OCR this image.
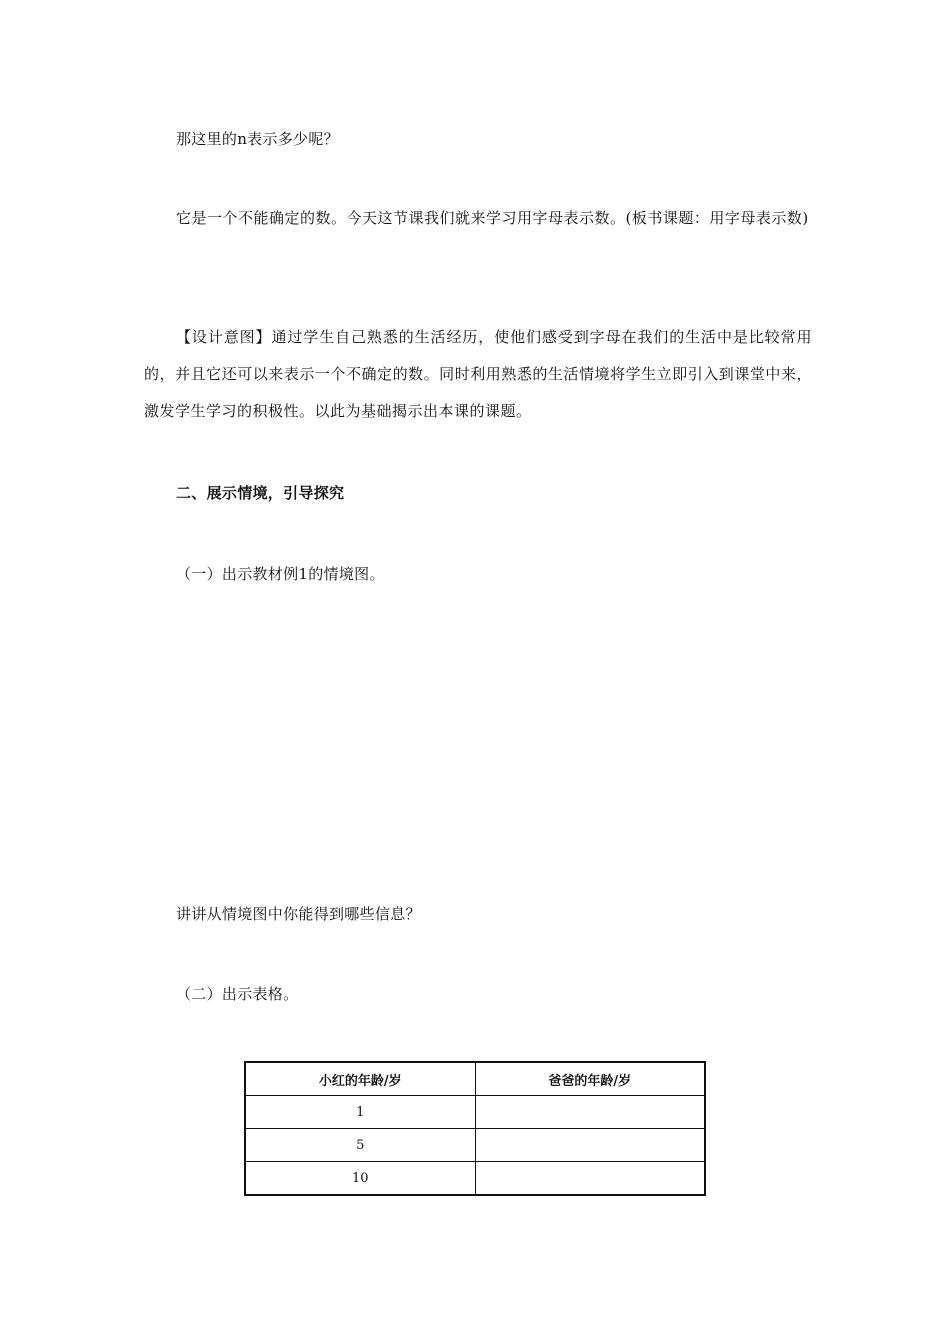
那这里的n表示多少呢？
它是一个不能确定的数。今天这节课我们就来学习用字母表示数。(板书课题：用字母表示数)
【设计意图】通过学生自己熟悉的生活经历，使他们感受到字母在我们的生活中是比较常用的，并且它还可以来表示一个不确定的数。同时利用熟悉的生活情境将学生立即引入到课堂中来，激发学生学习的积极性。以此为基础揭示出本课的课题。
二、展示情境，引导探究
（一）出示教材例1的情境图。
讲讲从情境图中你能得到哪些信息？
（二）出示表格。
小红的年龄/岁	爸爸的年龄/岁
1	
5	
10	
